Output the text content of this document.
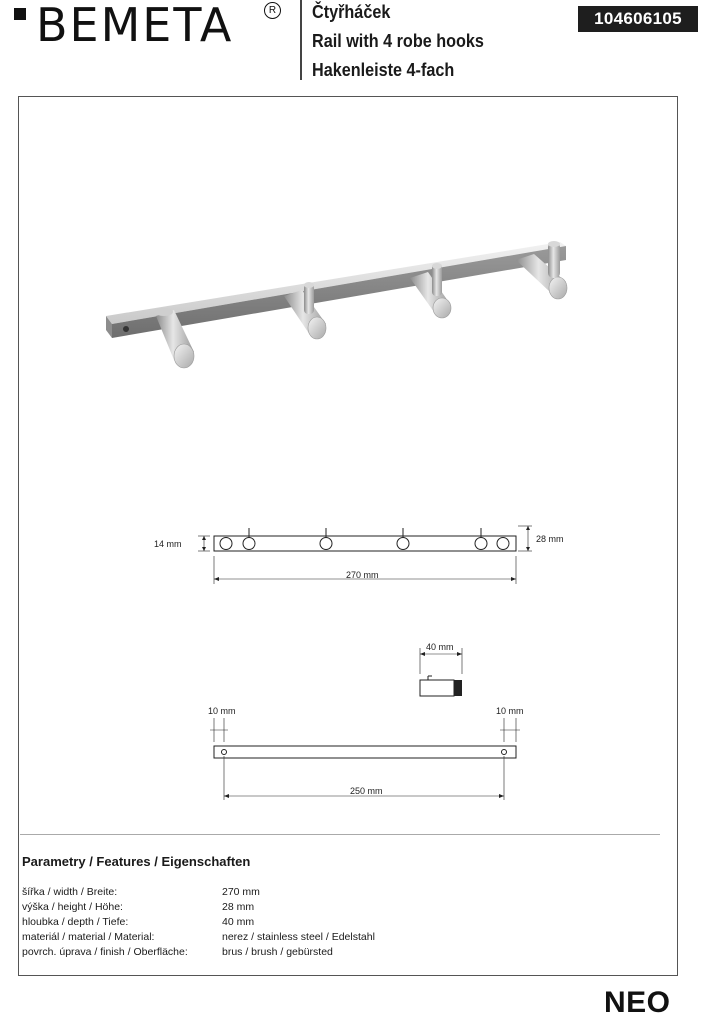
BEMETA	R Čtyřháček
Rail with 4 robe hooks
Hakenleiste 4-fach
104606105
14 mm	28 mm
270 mm
40 mm
10 mm	10 mm
250 mm
Parametry / Features / Eigenschaften
šířka / width / Breite:	270 mm
výška / height / Höhe:	28 mm
hloubka / depth / Tiefe:	40 mm
materiál / material / Material:	nerez / stainless steel / Edelstahl
povrch. úprava / finish / Oberfläche:	brus / brush / gebürsted
NEO
